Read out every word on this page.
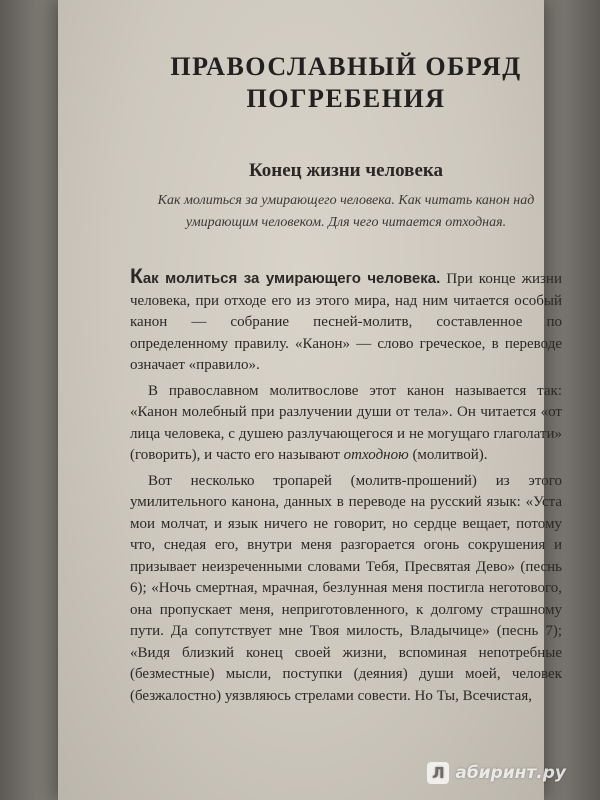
ПРАВОСЛАВНЫЙ ОБРЯД
ПОГРЕБЕНИЯ
Конец жизни человека

Как молиться за умирающего человека. Как читать канон над умирающим человеком. Для чего читается отходная.

Как молиться за умирающего человека. При конце жизни человека, при отходе его из этого мира, над ним читается особый канон — собрание песней-молитв, составленное по определенному правилу. «Канон» — слово греческое, в переводе означает «правило».

В православном молитвослове этот канон называется так: «Канон молебный при разлучении души от тела». Он читается «от лица человека, с душею разлучающегося и не могущаго глаголати» (говорить), и часто его называют отходною (молитвой).

Вот несколько тропарей (молитв-прошений) из этого умилительного канона, данных в переводе на русский язык: «Уста мои молчат, и язык ничего не говорит, но сердце вещает, потому что, снедая его, внутри меня разгорается огонь сокрушения и призывает неизреченными словами Тебя, Пресвятая Дево» (песнь 6); «Ночь смертная, мрачная, безлунная меня постигла неготового, она пропускает меня, неприготовленного, к долгому страшному пути. Да сопутствует мне Твоя милость, Владычице» (песнь 7); «Видя близкий конец своей жизни, вспоминая непотребные (безместные) мысли, поступки (деяния) души моей, человек (безжалостно) уязвляюсь стрелами совести. Но Ты, Всечистая,

Л абиринт.ру
